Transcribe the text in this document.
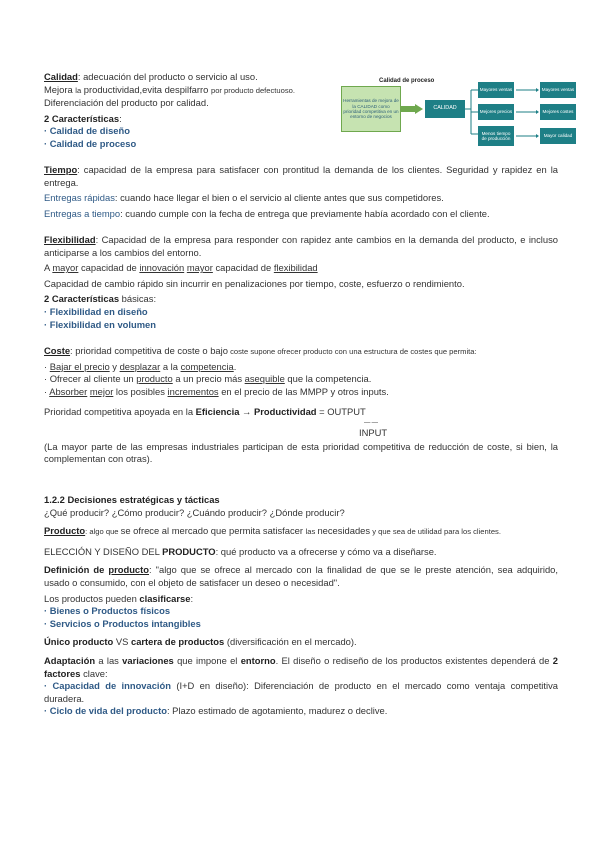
Calidad de proceso
Herramientas de mejora de la CALIDAD como prioridad competitiva en un entorno de negocios
CALIDAD
Mayores ventas
Mejores precios
Menos tiempo de producción
Mayores ventas
Mejores costes
Mayor calidad
Calidad: adecuación del producto o servicio al uso.
Mejora la productividad,evita despilfarro por producto defectuoso.
Diferenciación del producto por calidad.
2 Características:
· Calidad de diseño
· Calidad de proceso
Tiempo: capacidad de la empresa para satisfacer con prontitud la demanda de los clientes. Seguridad y rapidez en la entrega.
Entregas rápidas: cuando hace llegar el bien o el servicio al cliente antes que sus competidores.
Entregas a tiempo: cuando cumple con la fecha de entrega que previamente había acordado con el cliente.
Flexibilidad: Capacidad de la empresa para responder con rapidez ante cambios en la demanda del producto, e incluso anticiparse a los cambios del entorno.
A mayor capacidad de innovación mayor capacidad de flexibilidad
Capacidad de cambio rápido sin incurrir en penalizaciones por tiempo, coste, esfuerzo o rendimiento.
2 Características básicas:
· Flexibilidad en diseño
· Flexibilidad en volumen
Coste: prioridad competitiva de coste o bajo coste supone ofrecer producto con una estructura de costes que permita:
· Bajar el precio y desplazar a la competencia.
· Ofrecer al cliente un producto a un precio más asequible que la competencia.
· Absorber mejor los posibles incrementos en el precio de las MMPP y otros inputs.
Prioridad competitiva apoyada en la Eficiencia → Productividad = OUTPUT
—·—
INPUT
(La mayor parte de las empresas industriales participan de esta prioridad competitiva de reducción de coste, si bien, la complementan con otras).
1.2.2 Decisiones estratégicas y tácticas
¿Qué producir? ¿Cómo producir? ¿Cuándo producir? ¿Dónde producir?
Producto: algo que se ofrece al mercado que permita satisfacer las necesidades y que sea de utilidad para los clientes.
ELECCIÓN Y DISEÑO DEL PRODUCTO: qué producto va a ofrecerse y cómo va a diseñarse.
Definición de producto: "algo que se ofrece al mercado con la finalidad de que se le preste atención, sea adquirido, usado o consumido, con el objeto de satisfacer un deseo o necesidad".
Los productos pueden clasificarse:
· Bienes o Productos físicos
· Servicios o Productos intangibles
Único producto VS cartera de productos (diversificación en el mercado).
Adaptación a las variaciones que impone el entorno. El diseño o rediseño de los productos existentes dependerá de 2 factores clave:
· Capacidad de innovación (I+D en diseño): Diferenciación de producto en el mercado como ventaja competitiva duradera.
· Ciclo de vida del producto: Plazo estimado de agotamiento, madurez o declive.
